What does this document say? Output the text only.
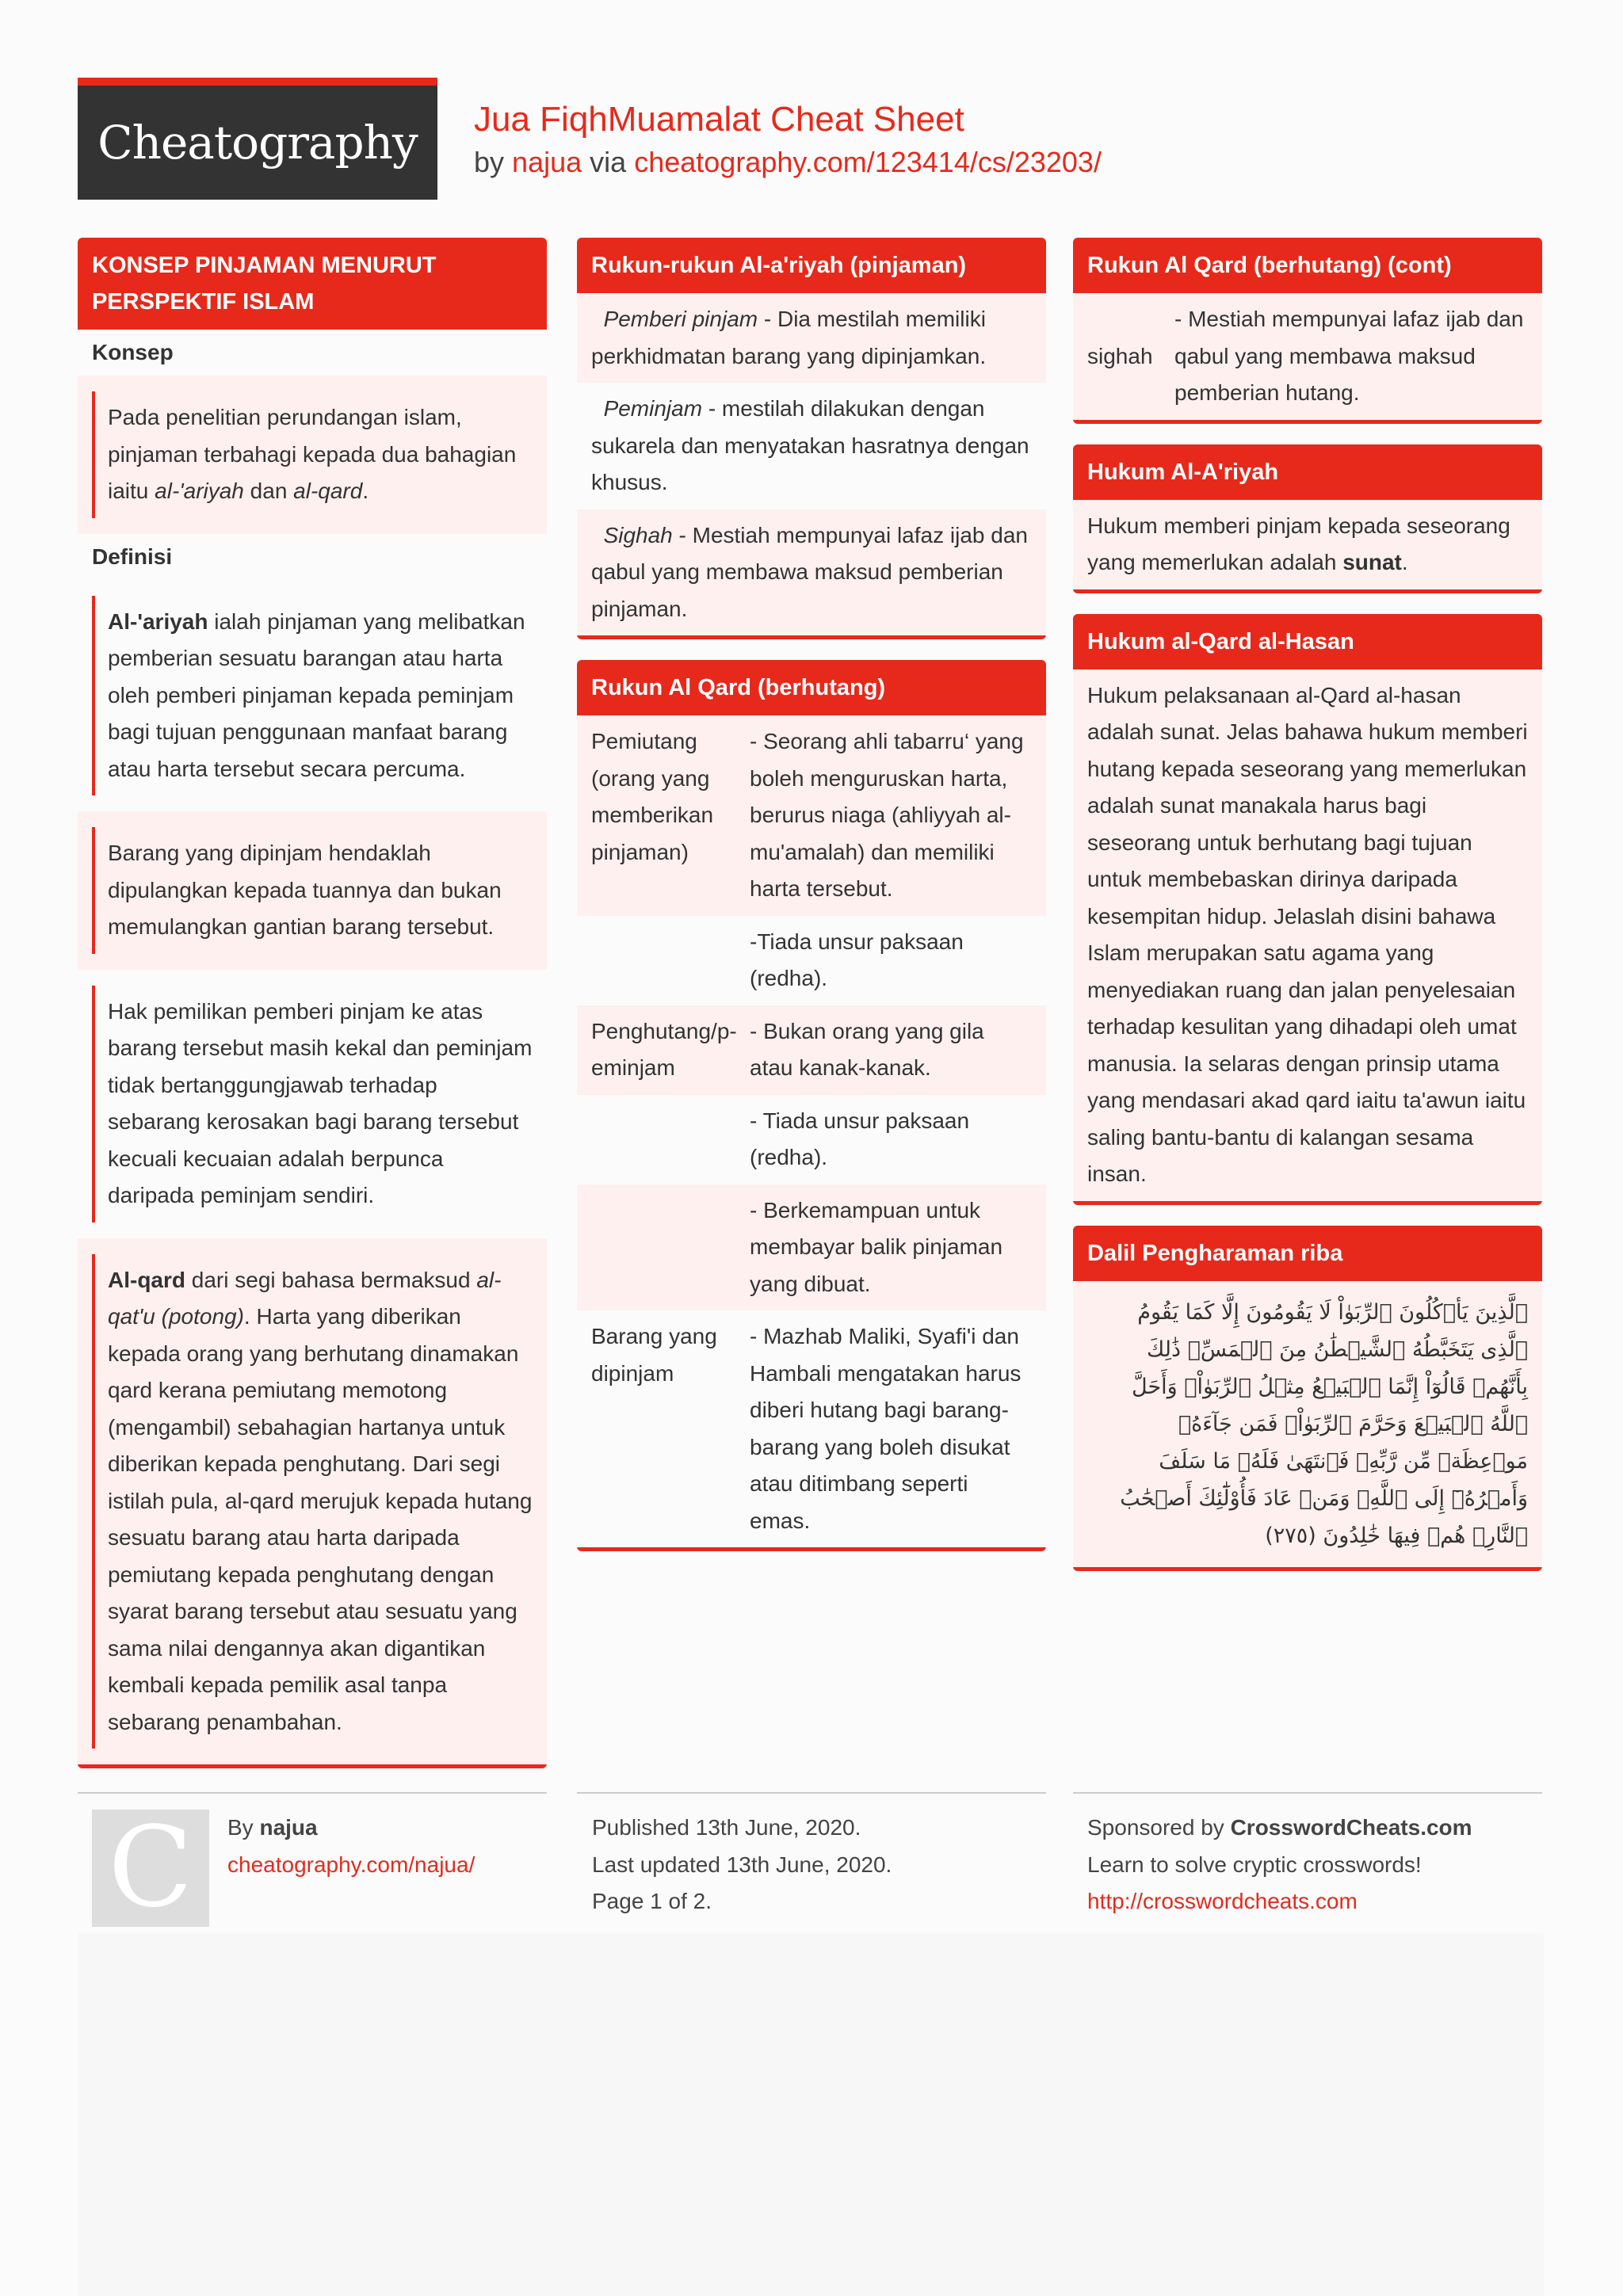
Cheatography	Jua FiqhMuamalat Cheat Sheet
by najua via cheatography.com/123414/cs/23203/
KONSEP PINJAMAN MENURUT PERSPEKTIF ISLAM
Konsep
Pada penelitian perundangan islam, pinjaman terbahagi kepada dua bahagian iaitu al-'ariyah dan al-qard.
Definisi
Al-'ariyah ialah pinjaman yang melibatkan pemberian sesuatu barangan atau harta oleh pemberi pinjaman kepada peminjam bagi tujuan penggunaan manfaat barang atau harta tersebut secara percuma.
Barang yang dipinjam hendaklah dipulangkan kepada tuannya dan bukan memulangkan gantian barang tersebut.
Hak pemilikan pemberi pinjam ke atas barang tersebut masih kekal dan peminjam tidak bertanggungjawab terhadap sebarang kerosakan bagi barang tersebut kecuali kecuaian adalah berpunca daripada peminjam sendiri.
Al-qard dari segi bahasa bermaksud al-qat'u (potong). Harta yang diberikan kepada orang yang berhutang dinamakan qard kerana pemiutang memotong (mengambil) sebahagian hartanya untuk diberikan kepada penghutang. Dari segi istilah pula, al-qard merujuk kepada hutang sesuatu barang atau harta daripada pemiutang kepada penghutang dengan syarat barang tersebut atau sesuatu yang sama nilai dengannya akan digantikan kembali kepada pemilik asal tanpa sebarang penambahan.
Rukun-rukun Al-a'riyah (pinjaman)
Pemberi pinjam - Dia mestilah memiliki perkhidmatan barang yang dipinjamkan.
Peminjam - mestilah dilakukan dengan sukarela dan menyatakan hasratnya dengan khusus.
Sighah - Mestiah mempunyai lafaz ijab dan qabul yang membawa maksud pemberian pinjaman.
Rukun Al Qard (berhutang)
Pemiutang (orang yang memberikan pinjaman)
- Seorang ahli tabarru‘ yang boleh menguruskan harta, berurus niaga (ahliyyah al-mu'amalah) dan memiliki harta tersebut.
-Tiada unsur paksaan (redha).
Penghutang/peminjam
- Bukan orang yang gila atau kanak-kanak.
- Tiada unsur paksaan (redha).
- Berkemampuan untuk membayar balik pinjaman yang dibuat.
Barang yang dipinjam
- Mazhab Maliki, Syafi'i dan Hambali mengatakan harus diberi hutang bagi barang-barang yang boleh disukat atau ditimbang seperti emas.
Rukun Al Qard (berhutang) (cont)
sighah
- Mestiah mempunyai lafaz ijab dan qabul yang membawa maksud pemberian hutang.
Hukum Al-A'riyah
Hukum memberi pinjam kepada seseorang yang memerlukan adalah sunat.
Hukum al-Qard al-Hasan
Hukum pelaksanaan al-Qard al-hasan adalah sunat. Jelas bahawa hukum memberi hutang kepada seseorang yang memerlukan adalah sunat manakala harus bagi seseorang untuk berhutang bagi tujuan untuk membebaskan dirinya daripada kesempitan hidup. Jelaslah disini bahawa Islam merupakan satu agama yang menyediakan ruang dan jalan penyelesaian terhadap kesulitan yang dihadapi oleh umat manusia. Ia selaras dengan prinsip utama yang mendasari akad qard iaitu ta'awun iaitu saling bantu-bantu di kalangan sesama insan.
Dalil Pengharaman riba
ٱلَّذِينَ يَأۡكُلُونَ ٱلرِّبَوٰاْ لَا يَقُومُونَ إِلَّا كَمَا يَقُومُ ٱلَّذِى يَتَخَبَّطُهُ ٱلشَّيۡطَٰنُ مِنَ ٱلۡمَسِّۚ ذَٰلِكَ بِأَنَّهُمۡ قَالُوٓاْ إِنَّمَا ٱلۡبَيۡعُ مِثۡلُ ٱلرِّبَوٰاْۗ وَأَحَلَّ ٱللَّهُ ٱلۡبَيۡعَ وَحَرَّمَ ٱلرِّبَوٰاْۚ فَمَن جَآءَهُۥ مَوۡعِظَةٞ مِّن رَّبِّهِۦ فَٱنتَهَىٰ فَلَهُۥ مَا سَلَفَ وَأَمۡرُهُۥٓ إِلَى ٱللَّهِۖ وَمَنۡ عَادَ فَأُوْلَٰٓئِكَ أَصۡحَٰبُ ٱلنَّارِۖ هُمۡ فِيهَا خَٰلِدُونَ (٢٧٥)
C	By najua
cheatography.com/najua/
Published 13th June, 2020.
Last updated 13th June, 2020.
Page 1 of 2.
Sponsored by CrosswordCheats.com
Learn to solve cryptic crosswords!
http://crosswordcheats.com
